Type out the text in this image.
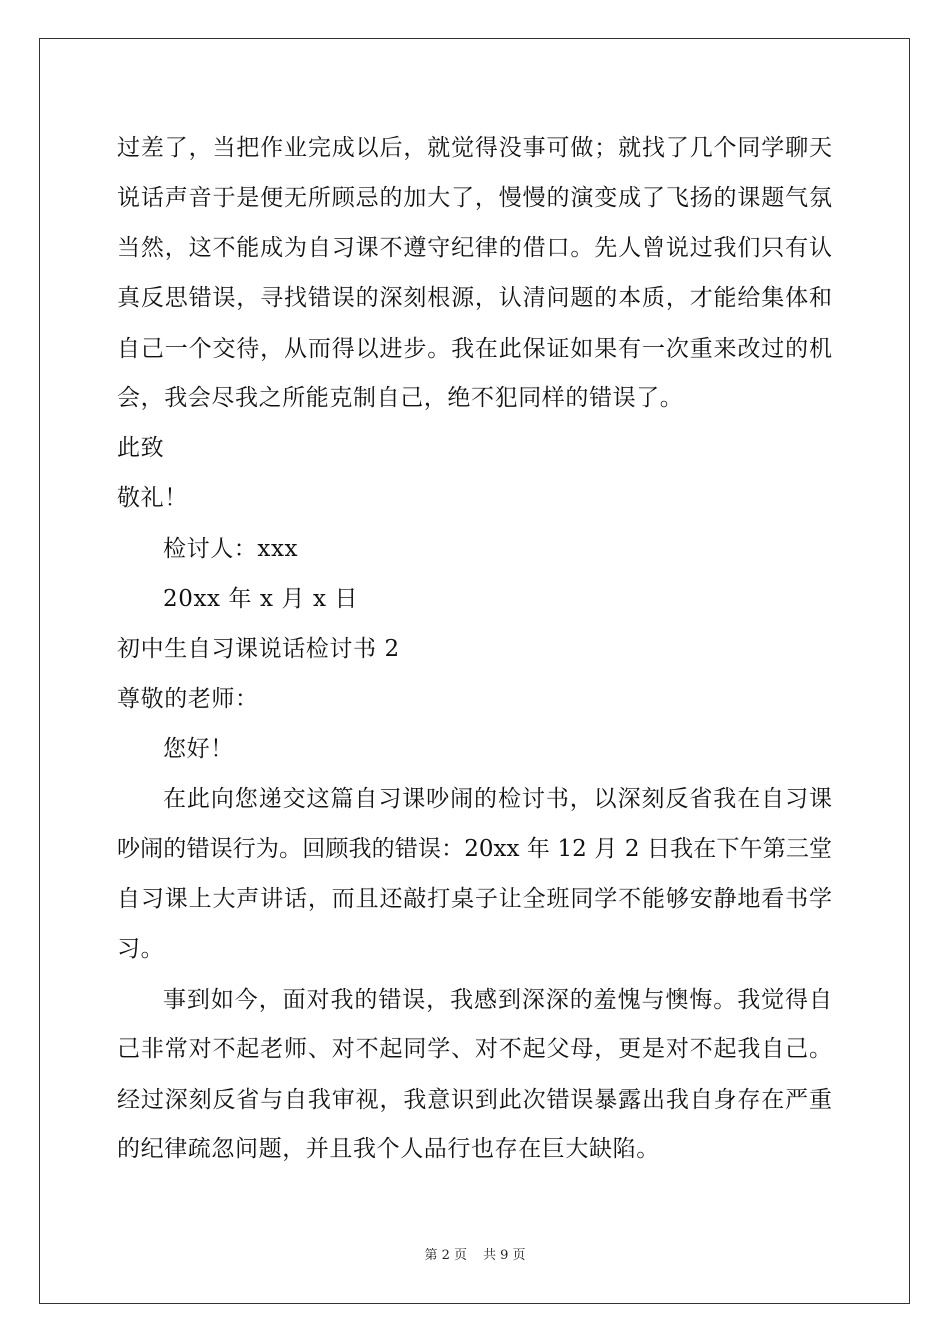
过差了，当把作业完成以后，就觉得没事可做；就找了几个同学聊天
说话声音于是便无所顾忌的加大了，慢慢的演变成了飞扬的课题气氛
当然，这不能成为自习课不遵守纪律的借口。先人曾说过我们只有认
真反思错误，寻找错误的深刻根源，认清问题的本质，才能给集体和
自己一个交待，从而得以进步。我在此保证如果有一次重来改过的机
会，我会尽我之所能克制自己，绝不犯同样的错误了。
此致
敬礼！
检讨人：xxx
20xx 年 x 月 x 日
初中生自习课说话检讨书 2
尊敬的老师：
您好！
在此向您递交这篇自习课吵闹的检讨书，以深刻反省我在自习课
吵闹的错误行为。回顾我的错误：20xx 年 12 月 2 日我在下午第三堂
自习课上大声讲话，而且还敲打桌子让全班同学不能够安静地看书学
习。
事到如今，面对我的错误，我感到深深的羞愧与懊悔。我觉得自
己非常对不起老师、对不起同学、对不起父母，更是对不起我自己。
经过深刻反省与自我审视，我意识到此次错误暴露出我自身存在严重
的纪律疏忽问题，并且我个人品行也存在巨大缺陷。
第 2 页 共 9 页
